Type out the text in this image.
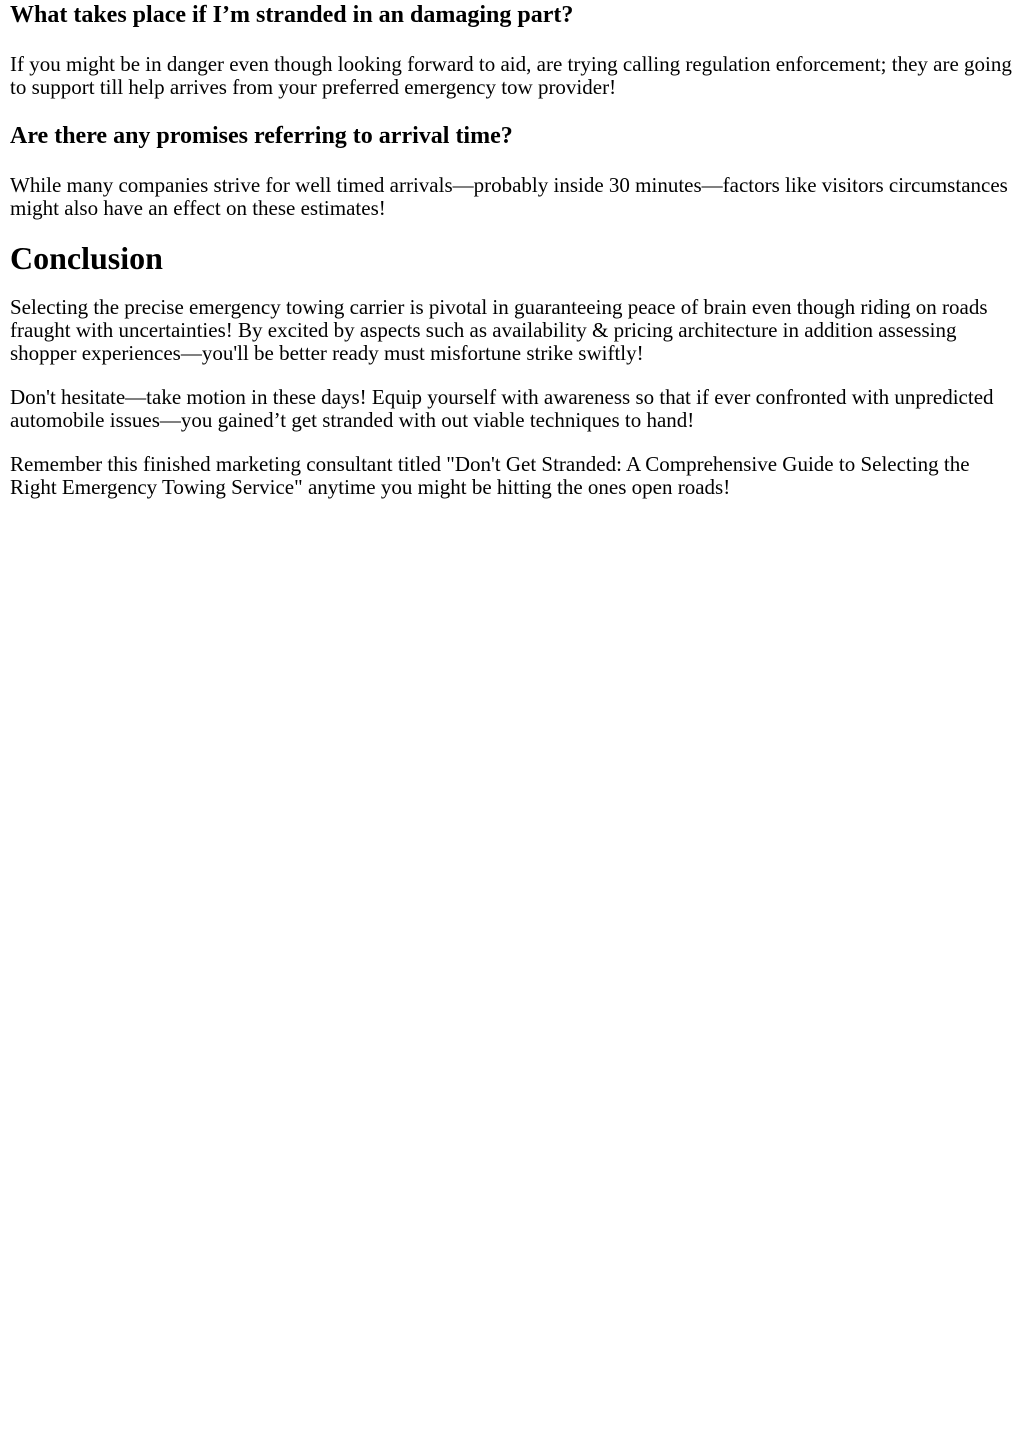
What takes place if I’m stranded in an damaging part?

If you might be in danger even though looking forward to aid, are trying calling regulation enforcement; they are going to support till help arrives from your preferred emergency tow provider!

Are there any promises referring to arrival time?

While many companies strive for well timed arrivals—probably inside 30 minutes—factors like visitors circumstances might also have an effect on these estimates!

Conclusion

Selecting the precise emergency towing carrier is pivotal in guaranteeing peace of brain even though riding on roads fraught with uncertainties! By excited by aspects such as availability & pricing architecture in addition assessing shopper experiences—you'll be better ready must misfortune strike swiftly!

Don't hesitate—take motion in these days! Equip yourself with awareness so that if ever confronted with unpredicted automobile issues—you gained’t get stranded with out viable techniques to hand!

Remember this finished marketing consultant titled "Don't Get Stranded: A Comprehensive Guide to Selecting the Right Emergency Towing Service" anytime you might be hitting the ones open roads!
